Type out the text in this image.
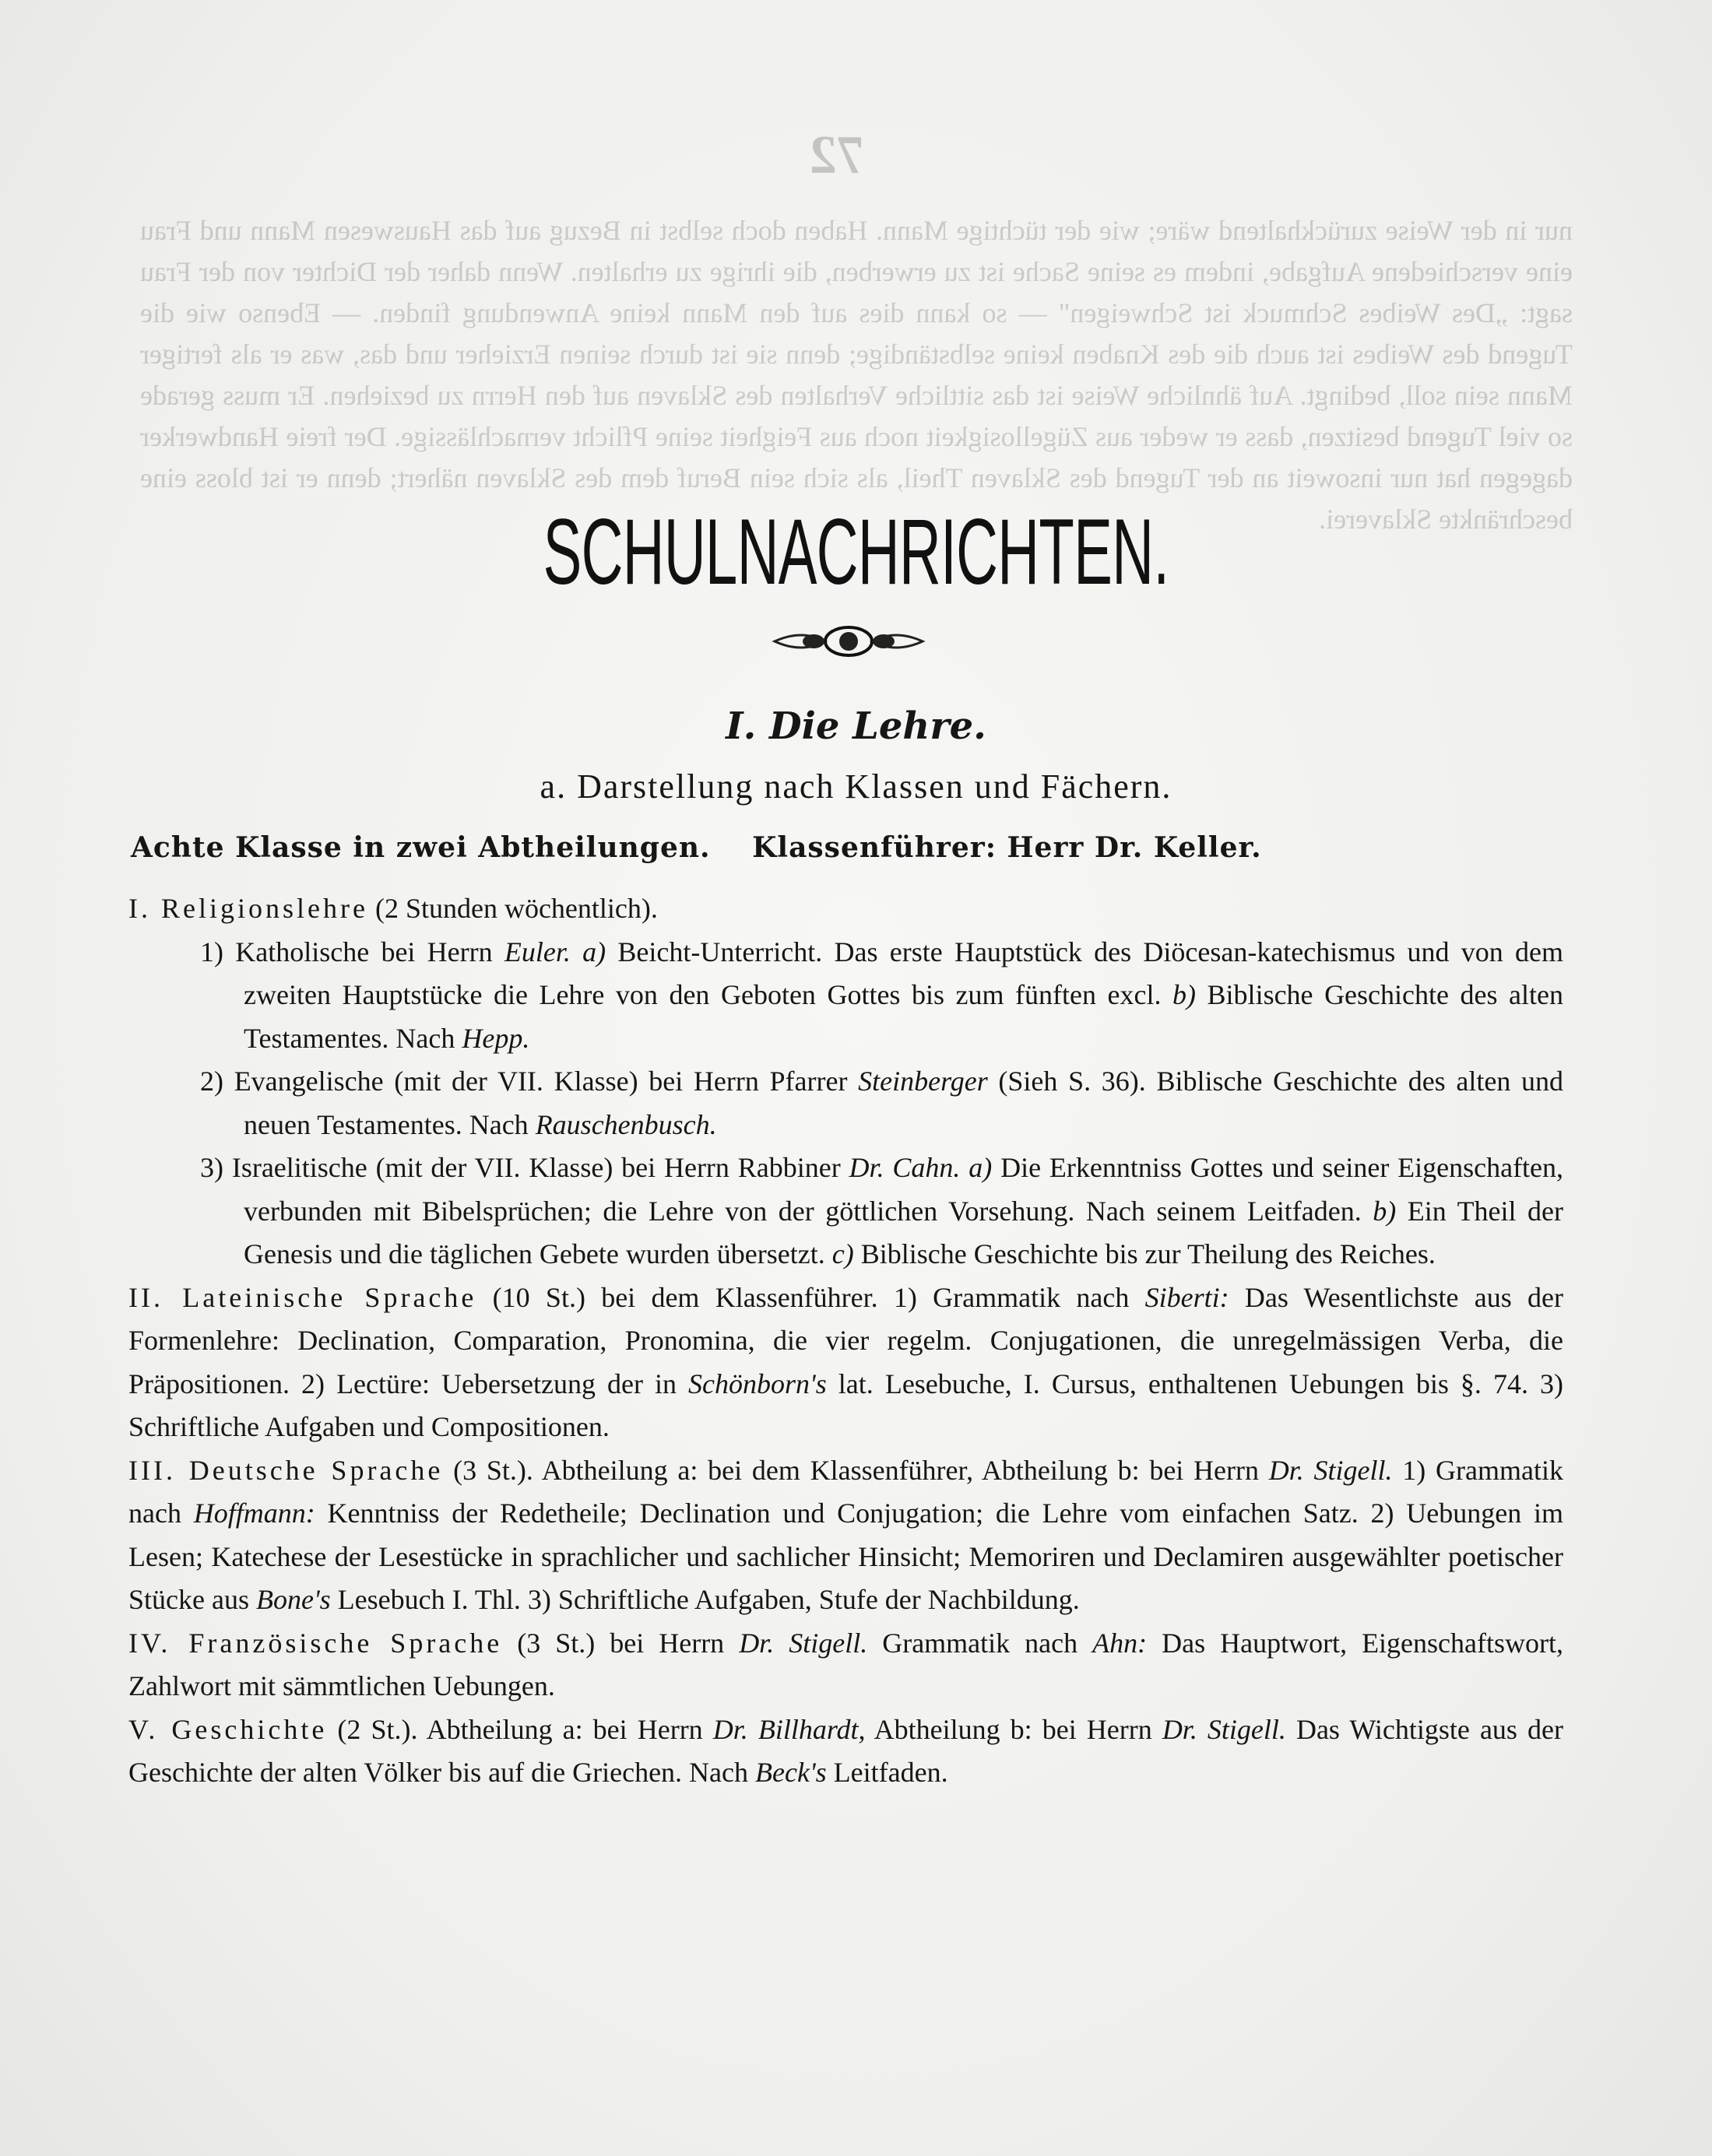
72
nur in der Weise zurückhaltend wäre; wie der tüchtige Mann. Haben doch selbst in Bezug auf das Hauswesen Mann und Frau eine verschiedene Aufgabe, indem es seine Sache ist zu erwerben, die ihrige zu erhalten. Wenn daher der Dichter von der Frau sagt: „Des Weibes Schmuck ist Schweigen" — so kann dies auf den Mann keine Anwendung finden. — Ebenso wie die Tugend des Weibes ist auch die des Knaben keine selbständige; denn sie ist durch seinen Erzieher und das, was er als fertiger Mann sein soll, bedingt. Auf ähnliche Weise ist das sittliche Verhalten des Sklaven auf den Herrn zu beziehen. Er muss gerade so viel Tugend besitzen, dass er weder aus Zügellosigkeit noch aus Feigheit seine Pflicht vernachlässige. Der freie Handwerker dagegen hat nur insoweit an der Tugend des Sklaven Theil, als sich sein Beruf dem des Sklaven nähert; denn er ist bloss eine beschränkte Sklaverei.
SCHULNACHRICHTEN.
I. Die Lehre.
a. Darstellung nach Klassen und Fächern.
Achte Klasse in zwei Abtheilungen. Klassenführer: Herr Dr. Keller.

I. Religionslehre (2 Stunden wöchentlich).

1) Katholische bei Herrn Euler. a) Beicht-Unterricht. Das erste Hauptstück des Diöcesan-katechismus und von dem zweiten Hauptstücke die Lehre von den Geboten Gottes bis zum fünften excl. b) Biblische Geschichte des alten Testamentes. Nach Hepp.

2) Evangelische (mit der VII. Klasse) bei Herrn Pfarrer Steinberger (Sieh S. 36). Biblische Geschichte des alten und neuen Testamentes. Nach Rauschenbusch.

3) Israelitische (mit der VII. Klasse) bei Herrn Rabbiner Dr. Cahn. a) Die Erkenntniss Gottes und seiner Eigenschaften, verbunden mit Bibelsprüchen; die Lehre von der göttlichen Vorsehung. Nach seinem Leitfaden. b) Ein Theil der Genesis und die täglichen Gebete wurden übersetzt. c) Biblische Geschichte bis zur Theilung des Reiches.

II. Lateinische Sprache (10 St.) bei dem Klassenführer. 1) Grammatik nach Siberti: Das Wesentlichste aus der Formenlehre: Declination, Comparation, Pronomina, die vier regelm. Conjugationen, die unregelmässigen Verba, die Präpositionen. 2) Lectüre: Uebersetzung der in Schönborn's lat. Lesebuche, I. Cursus, enthaltenen Uebungen bis §. 74. 3) Schriftliche Aufgaben und Compositionen.

III. Deutsche Sprache (3 St.). Abtheilung a: bei dem Klassenführer, Abtheilung b: bei Herrn Dr. Stigell. 1) Grammatik nach Hoffmann: Kenntniss der Redetheile; Declination und Conjugation; die Lehre vom einfachen Satz. 2) Uebungen im Lesen; Katechese der Lesestücke in sprachlicher und sachlicher Hinsicht; Memoriren und Declamiren ausgewählter poetischer Stücke aus Bone's Lesebuch I. Thl. 3) Schriftliche Aufgaben, Stufe der Nachbildung.

IV. Französische Sprache (3 St.) bei Herrn Dr. Stigell. Grammatik nach Ahn: Das Hauptwort, Eigenschaftswort, Zahlwort mit sämmtlichen Uebungen.

V. Geschichte (2 St.). Abtheilung a: bei Herrn Dr. Billhardt, Abtheilung b: bei Herrn Dr. Stigell. Das Wichtigste aus der Geschichte der alten Völker bis auf die Griechen. Nach Beck's Leitfaden.
